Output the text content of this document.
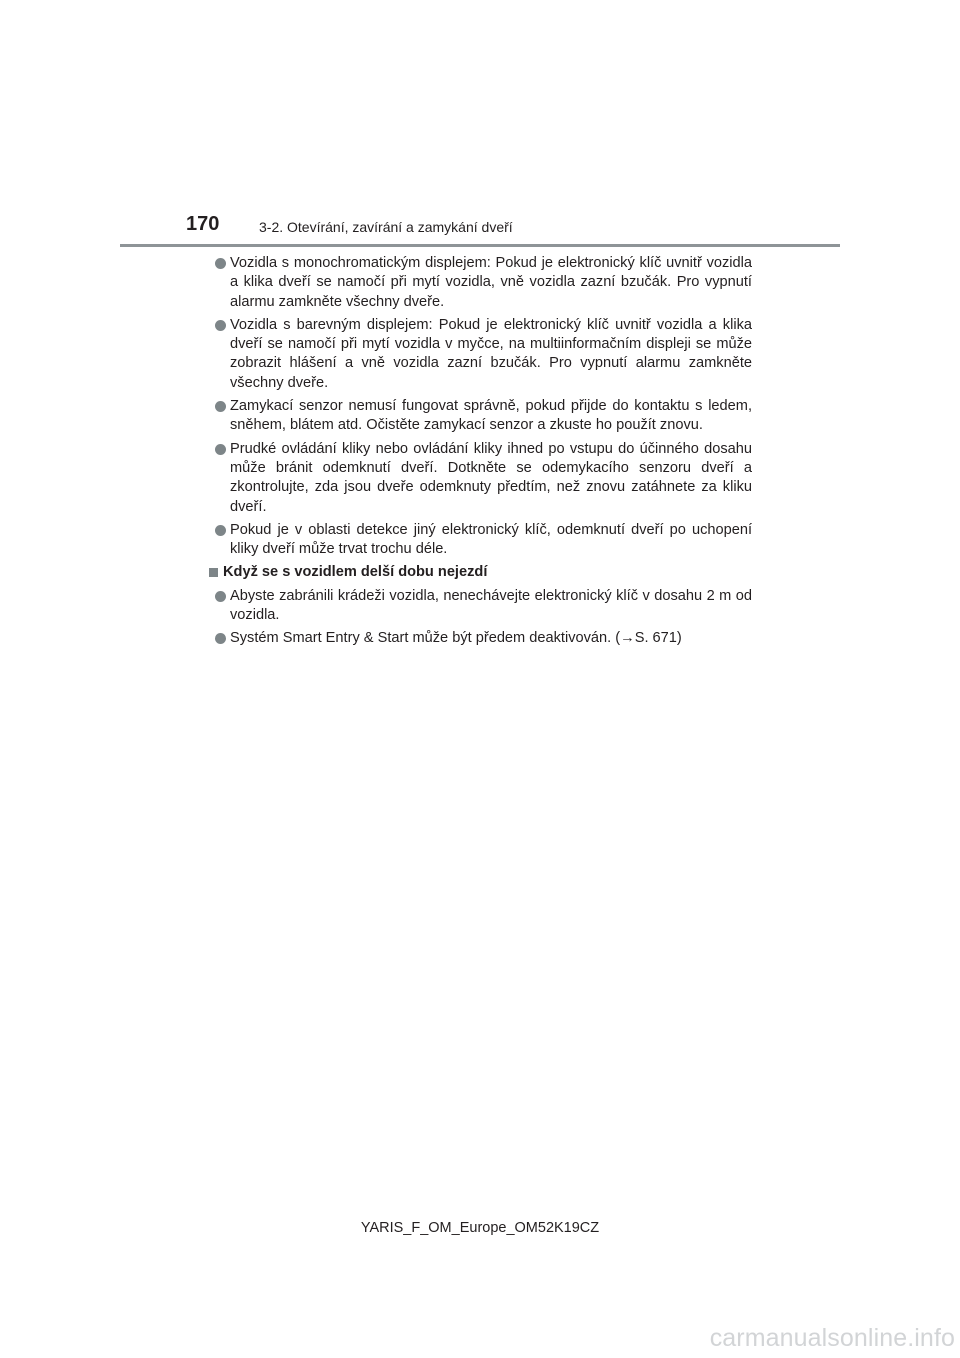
170	3-2. Otevírání, zavírání a zamykání dveří
Vozidla s monochromatickým displejem: Pokud je elektronický klíč uvnitř vozidla a klika dveří se namočí při mytí vozidla, vně vozidla zazní bzučák. Pro vypnutí alarmu zamkněte všechny dveře.
Vozidla s barevným displejem: Pokud je elektronický klíč uvnitř vozidla a klika dveří se namočí při mytí vozidla v myčce, na multiinformačním displeji se může zobrazit hlášení a vně vozidla zazní bzučák. Pro vypnutí alarmu zamkněte všechny dveře.
Zamykací senzor nemusí fungovat správně, pokud přijde do kontaktu s ledem, sněhem, blátem atd. Očistěte zamykací senzor a zkuste ho použít znovu.
Prudké ovládání kliky nebo ovládání kliky ihned po vstupu do účinného dosahu může bránit odemknutí dveří. Dotkněte se odemykacího senzoru dveří a zkontrolujte, zda jsou dveře odemknuty předtím, než znovu zatáhnete za kliku dveří.
Pokud je v oblasti detekce jiný elektronický klíč, odemknutí dveří po uchopení kliky dveří může trvat trochu déle.
Když se s vozidlem delší dobu nejezdí
Abyste zabránili krádeži vozidla, nenechávejte elektronický klíč v dosahu 2 m od vozidla.
Systém Smart Entry & Start může být předem deaktivován. (→S. 671)
YARIS_F_OM_Europe_OM52K19CZ
carmanualsonline.info
